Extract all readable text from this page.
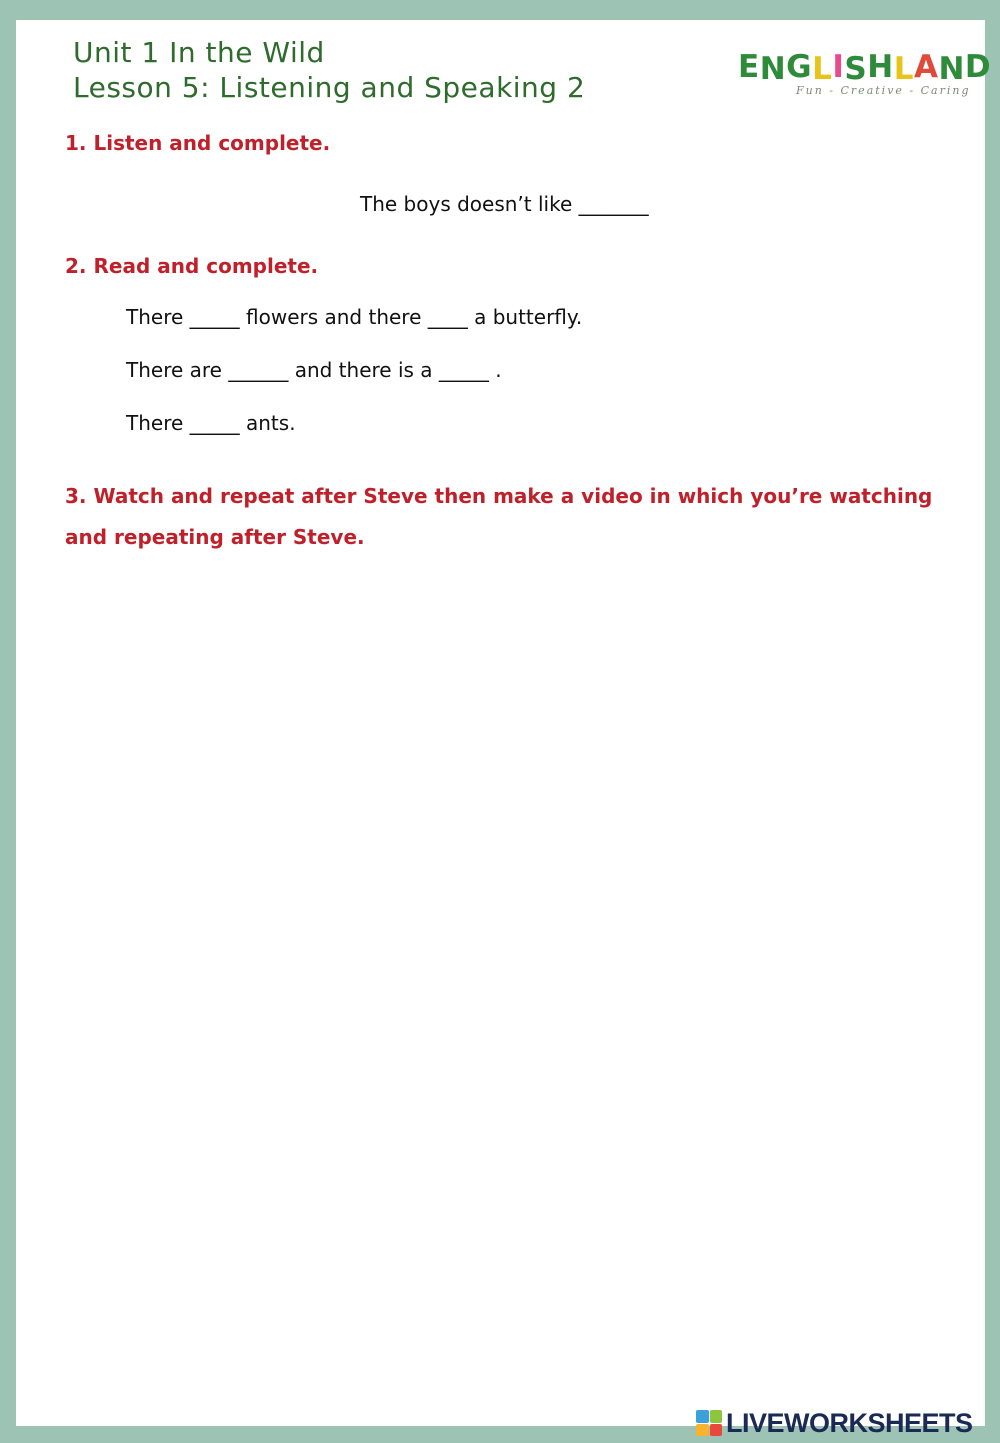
Unit 1 In the Wild
Lesson 5: Listening and Speaking 2
ENGLISHLAND
Fun - Creative - Caring
1. Listen and complete.
The boys doesn’t like _______
2. Read and complete.
There _____ flowers and there ____ a butterfly.
There are ______ and there is a _____ .
There _____ ants.
3. Watch and repeat after Steve then make a video in which you’re watching and repeating after Steve.
LIVEWORKSHEETS
